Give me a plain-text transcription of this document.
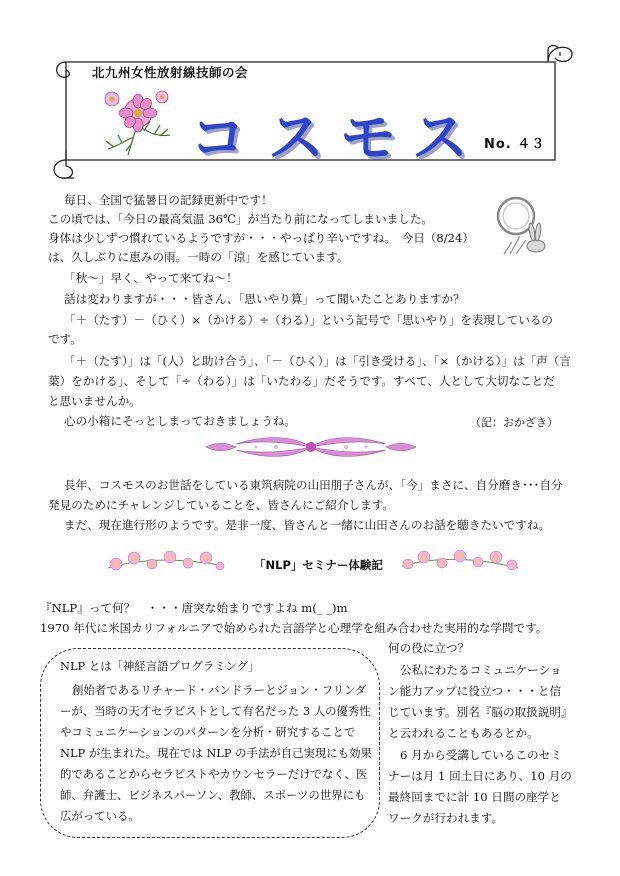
北九州女性放射線技師の会
コ ス モ ス No. ４３
毎日、全国で猛暑日の記録更新中です！
この頃では、「今日の最高気温 36℃」が当たり前になってしまいました。
身体は少しずつ慣れているようですが・・・やっぱり辛いですね。　今日（8/24）
は、久しぶりに恵みの雨。一時の「涼」を感じています。
「秋～」早く、やって来てね～！
話は変わりますが・・・皆さん、「思いやり算」って聞いたことありますか？
「＋（たす）－（ひく）×（かける）÷（わる）」という記号で「思いやり」を表現しているの
です。
「＋（たす）」は「(人）と助け合う」、「－（ひく）」は「引き受ける」、「×（かける）」は「声（言
葉）をかける」、そして「÷（わる）」は「いたわる」だそうです。すべて、人として大切なことだ
と思いませんか。
心の小箱にそっとしまっておきましょうね。	（記：おかざき）
長年、コスモスのお世話をしている東筑病院の山田朋子さんが、「今」まさに、自分磨き･･･自分
発見のためにチャレンジしていることを、皆さんにご紹介します。
まだ、現在進行形のようです。是非一度、皆さんと一緒に山田さんのお話を聴きたいですね。
「NLP」セミナー体験記
『NLP』って何？　・・・唐突な始まりですよね m(_ _)m
1970 年代に米国カリフォルニアで始められた言語学と心理学を組み合わせた実用的な学問です。
NLP とは「神経言語プログラミング」
創始者であるリチャード・バンドラーとジョン・フリンダ
ーが、当時の天才セラピストとして有名だった 3 人の優秀性
やコミュニケーションのパターンを分析・研究することで
NLP が生まれた。現在では NLP の手法が自己実現にも効果
的であることからセラピストやカウンセラーだけでなく、医
師、弁護士、ビジネスパーソン、教師、スポーツの世界にも
広がっている。
何の役に立つ？
公私にわたるコミュニケーショ
ン能力アップに役立つ・・・と信
じています。別名『脳の取扱説明』
と云われることもあるとか。
6 月から受講しているこのセミ
ナーは月 1 回土日にあり、10 月の
最終回までに計 10 日間の座学と
ワークが行われます。
